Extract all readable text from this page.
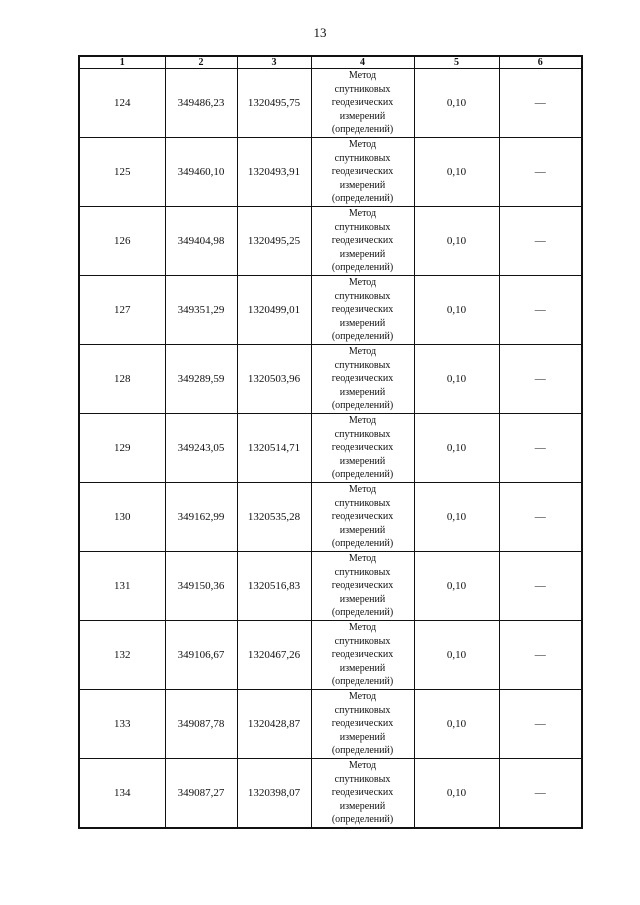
13
1	2	3	4	5	6
124	349486,23	1320495,75	Метод
спутниковых
геодезических
измерений
(определений)	0,10	—
125	349460,10	1320493,91	Метод
спутниковых
геодезических
измерений
(определений)	0,10	—
126	349404,98	1320495,25	Метод
спутниковых
геодезических
измерений
(определений)	0,10	—
127	349351,29	1320499,01	Метод
спутниковых
геодезических
измерений
(определений)	0,10	—
128	349289,59	1320503,96	Метод
спутниковых
геодезических
измерений
(определений)	0,10	—
129	349243,05	1320514,71	Метод
спутниковых
геодезических
измерений
(определений)	0,10	—
130	349162,99	1320535,28	Метод
спутниковых
геодезических
измерений
(определений)	0,10	—
131	349150,36	1320516,83	Метод
спутниковых
геодезических
измерений
(определений)	0,10	—
132	349106,67	1320467,26	Метод
спутниковых
геодезических
измерений
(определений)	0,10	—
133	349087,78	1320428,87	Метод
спутниковых
геодезических
измерений
(определений)	0,10	—
134	349087,27	1320398,07	Метод
спутниковых
геодезических
измерений
(определений)	0,10	—
